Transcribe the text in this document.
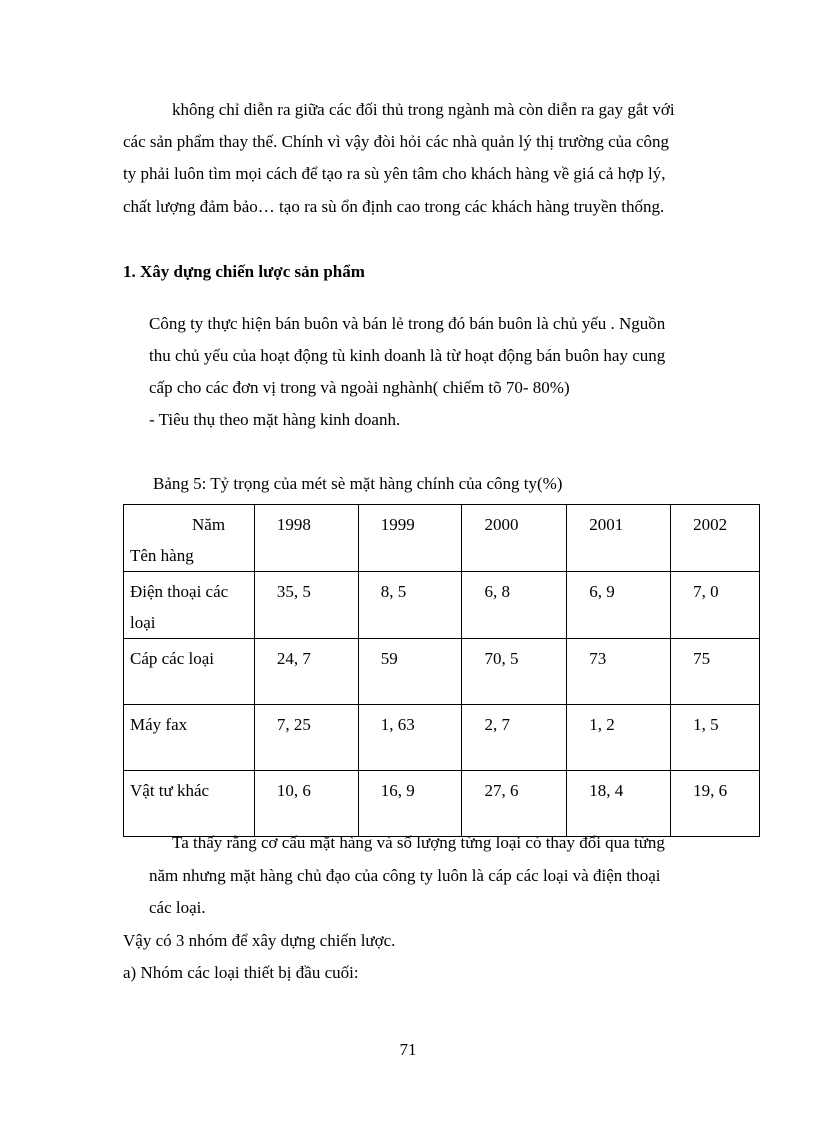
không chỉ diễn ra giữa các đối thủ trong ngành mà còn diễn ra gay gắt với
các sản phẩm thay thế. Chính vì vậy đòi hỏi các nhà quản lý thị trường của công
ty phải luôn tìm mọi cách để tạo ra sù yên tâm cho khách hàng về giá cả hợp lý,
chất lượng đảm bảo… tạo ra sù ổn định cao trong các khách hàng truyền thống.
1. Xây dựng chiến lược sản phẩm
Công ty thực hiện bán buôn và bán lẻ trong đó bán buôn là chủ yếu . Nguồn
thu chủ yếu của hoạt động tù kinh doanh là từ hoạt động bán buôn hay cung
cấp cho các đơn vị trong và ngoài nghành( chiếm tõ 70- 80%)
- Tiêu thụ theo mặt hàng kinh doanh.
Bảng 5: Tỷ trọng của mét sè mặt hàng chính của công ty(%)
Năm
Tên hàng	1998	1999	2000	2001	2002

Điện thoại các
loại	35, 5	8, 5	6, 8	6, 9	7, 0
Cáp các loại	24, 7	59	70, 5	73	75
Máy fax	7, 25	1, 63	2, 7	1, 2	1, 5
Vật tư khác	10, 6	16, 9	27, 6	18, 4	19, 6
Ta thấy rằng cơ cấu mặt hàng và số lượng từng loại có thay đổi qua từng
năm nhưng mặt hàng chủ đạo của công ty luôn là cáp các loại và điện thoại
các loại.
Vậy có 3 nhóm để xây dựng chiến lược.
a) Nhóm các loại thiết bị đầu cuối:
71
